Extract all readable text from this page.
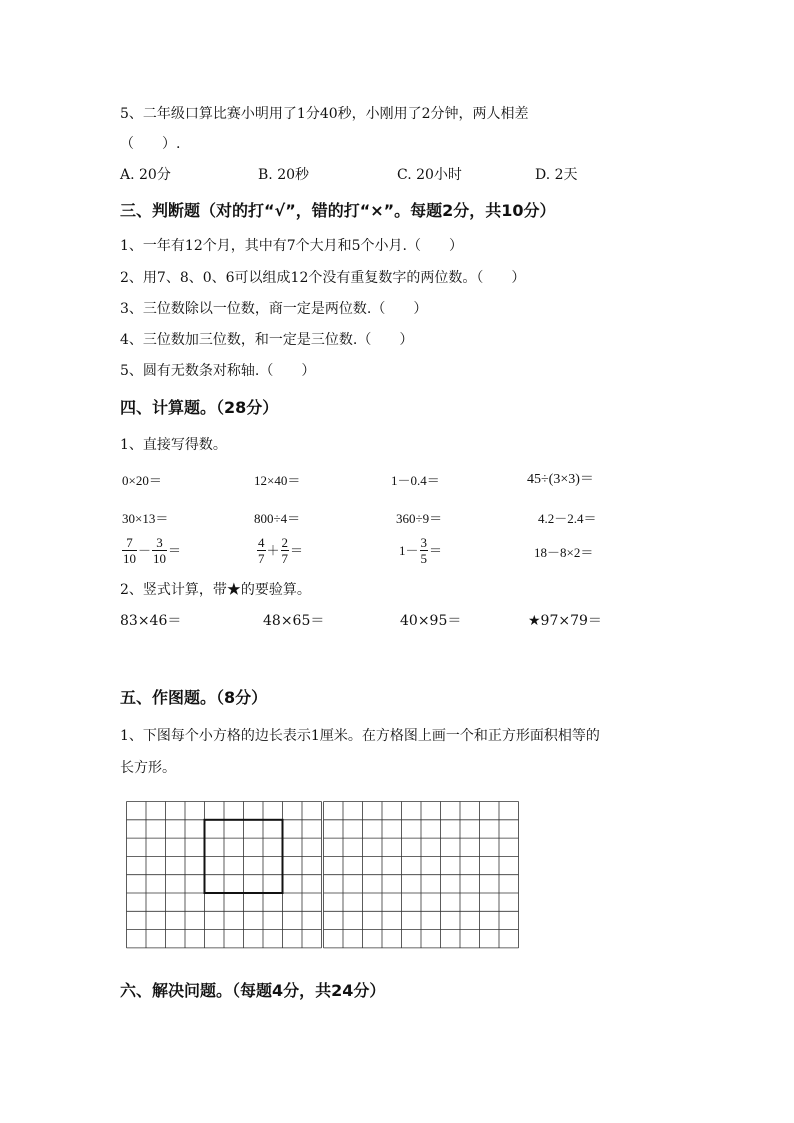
5、二年级口算比赛小明用了1分40秒，小刚用了2分钟，两人相差
（　　）.
A. 20分	B. 20秒	C. 20小时	D. 2天
三、判断题（对的打“√”，错的打“×”。每题2分，共10分）
1、一年有12个月，其中有7个大月和5个小月.（　　）
2、用7、8、0、6可以组成12个没有重复数字的两位数。（　　）
3、三位数除以一位数，商一定是两位数.（　　）
4、三位数加三位数，和一定是三位数.（　　）
5、圆有无数条对称轴.（　　）
四、计算题。（28分）
1、直接写得数。
0×20＝	12×40＝	1－0.4＝	45÷(3×3)＝
30×13＝	800÷4＝	360÷9＝	4.2－2.4＝
$\frac{7}{10} - \frac{3}{10}$ ＝	$\frac{4}{7} + \frac{2}{7}$ ＝	$1- \frac{3}{5}$ ＝	18－8×2＝
2、竖式计算，带★的要验算。
83×46＝	48×65＝	40×95＝	★97×79＝
五、作图题。（8分）
1、下图每个小方格的边长表示1厘米。在方格图上画一个和正方形面积相等的
长方形。
六、解决问题。（每题4分，共24分）
